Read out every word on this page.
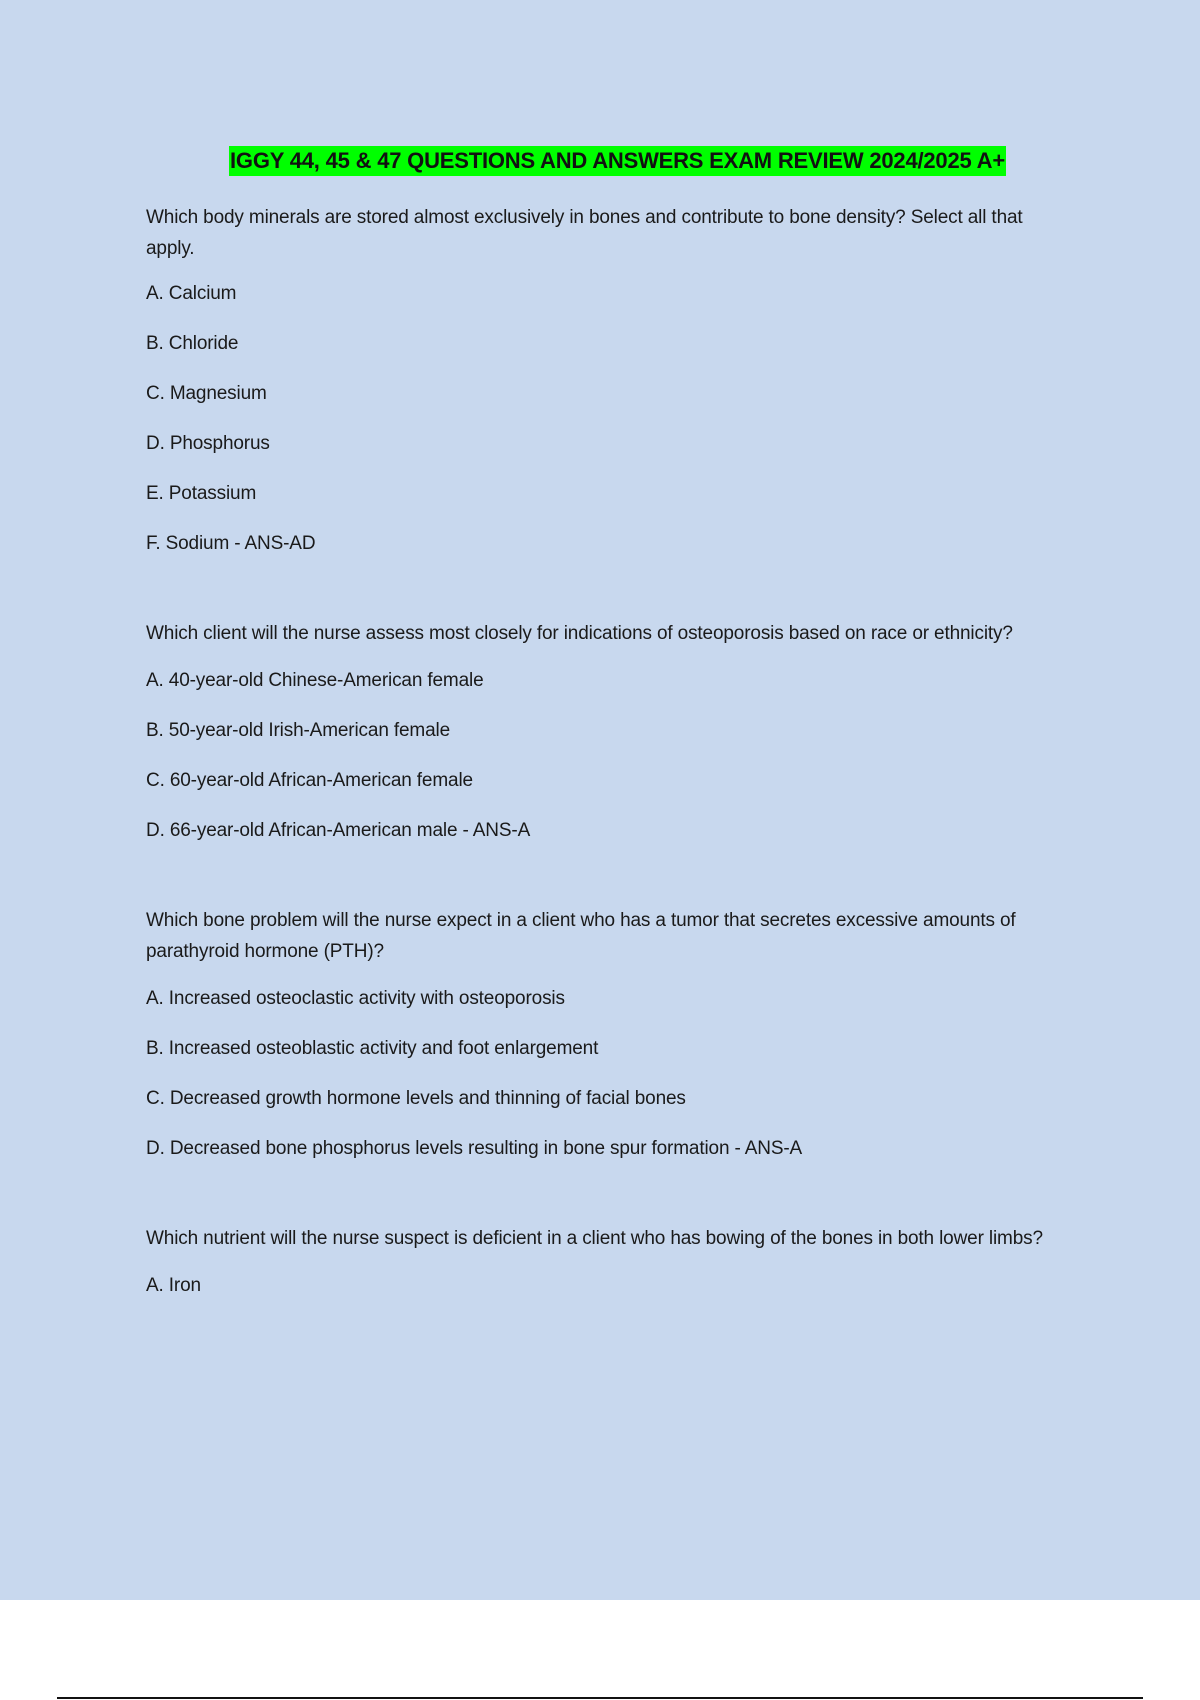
IGGY 44, 45 & 47 QUESTIONS AND ANSWERS EXAM REVIEW 2024/2025 A+

Which body minerals are stored almost exclusively in bones and contribute to bone density? Select all that apply.

A. Calcium

B. Chloride

C. Magnesium

D. Phosphorus

E. Potassium

F. Sodium - ANS-AD

Which client will the nurse assess most closely for indications of osteoporosis based on race or ethnicity?

A. 40-year-old Chinese-American female

B. 50-year-old Irish-American female

C. 60-year-old African-American female

D. 66-year-old African-American male - ANS-A

Which bone problem will the nurse expect in a client who has a tumor that secretes excessive amounts of parathyroid hormone (PTH)?

A. Increased osteoclastic activity with osteoporosis

B. Increased osteoblastic activity and foot enlargement

C. Decreased growth hormone levels and thinning of facial bones

D. Decreased bone phosphorus levels resulting in bone spur formation - ANS-A

Which nutrient will the nurse suspect is deficient in a client who has bowing of the bones in both lower limbs?

A. Iron
